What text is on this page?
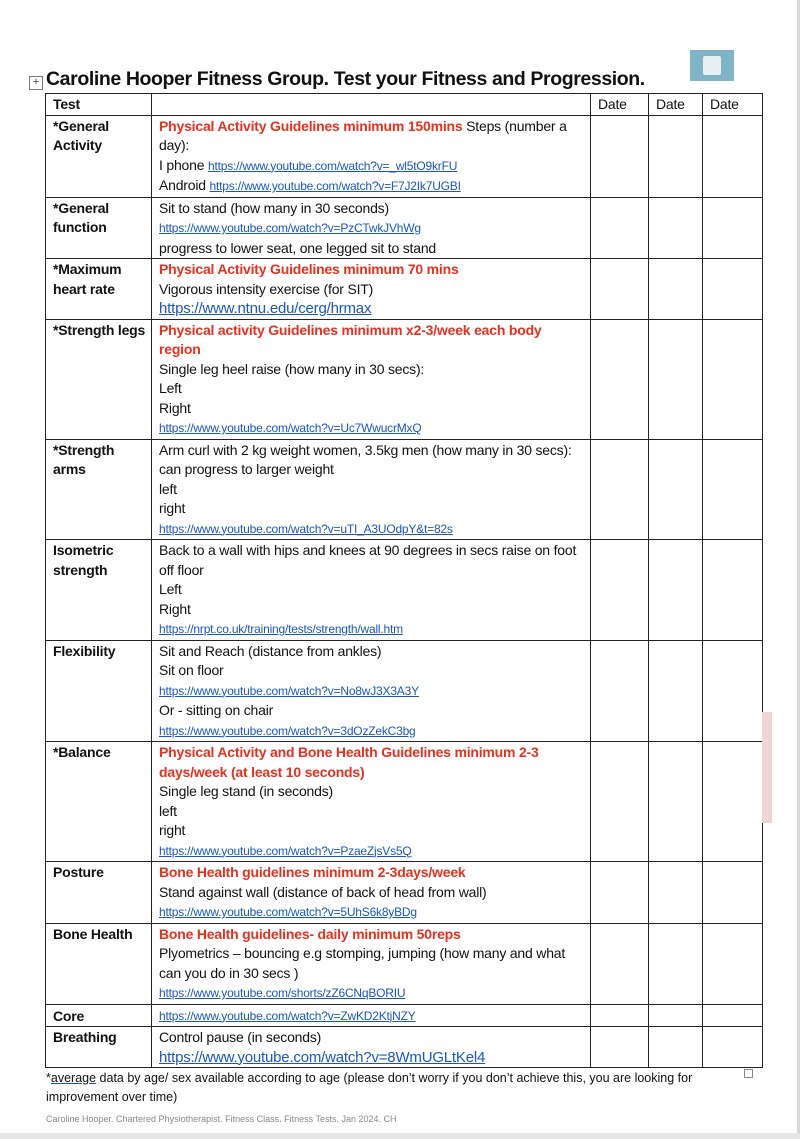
+ Caroline Hooper Fitness Group. Test your Fitness and Progression.
Test		Date	Date	Date
*General Activity	Physical Activity Guidelines minimum 150mins Steps (number a day):
I phone https://www.youtube.com/watch?v=_wl5tO9krFU
Android https://www.youtube.com/watch?v=F7J2Ik7UGBI			

*General function	Sit to stand (how many in 30 seconds)
https://www.youtube.com/watch?v=PzCTwkJVhWg
progress to lower seat, one legged sit to stand			

*Maximum heart rate	Physical Activity Guidelines minimum 70 mins
Vigorous intensity exercise (for SIT)
https://www.ntnu.edu/cerg/hrmax			

*Strength legs	Physical activity Guidelines minimum x2-3/week each body region
Single leg heel raise (how many in 30 secs):
Left
Right
https://www.youtube.com/watch?v=Uc7WwucrMxQ			

*Strength arms	Arm curl with 2 kg weight women, 3.5kg men (how many in 30 secs): can progress to larger weight
left
right
https://www.youtube.com/watch?v=uTI_A3UOdpY&t=82s			

Isometric strength	Back to a wall with hips and knees at 90 degrees in secs raise on foot off floor
Left
Right
https://nrpt.co.uk/training/tests/strength/wall.htm			

Flexibility	Sit and Reach (distance from ankles)
Sit on floor
https://www.youtube.com/watch?v=No8wJ3X3A3Y
Or - sitting on chair
https://www.youtube.com/watch?v=3dOzZekC3bg			

*Balance	Physical Activity and Bone Health Guidelines minimum 2-3 days/week (at least 10 seconds)
Single leg stand (in seconds)
left
right
https://www.youtube.com/watch?v=PzaeZjsVs5Q			

Posture	Bone Health guidelines minimum 2-3days/week
Stand against wall (distance of back of head from wall)
https://www.youtube.com/watch?v=5UhS6k8yBDg			

Bone Health	Bone Health guidelines- daily minimum 50reps
Plyometrics – bouncing e.g stomping, jumping (how many and what can you do in 30 secs )
https://www.youtube.com/shorts/zZ6CNqBORIU			

Core	https://www.youtube.com/watch?v=ZwKD2KtjNZY			

Breathing	Control pause (in seconds)
https://www.youtube.com/watch?v=8WmUGLtKel4			

*average data by age/ sex available according to age (please don’t worry if you don’t achieve this, you are looking for improvement over time)
Caroline Hooper. Chartered Physiotherapist. Fitness Class. Fitness Tests. Jan 2024. CH
